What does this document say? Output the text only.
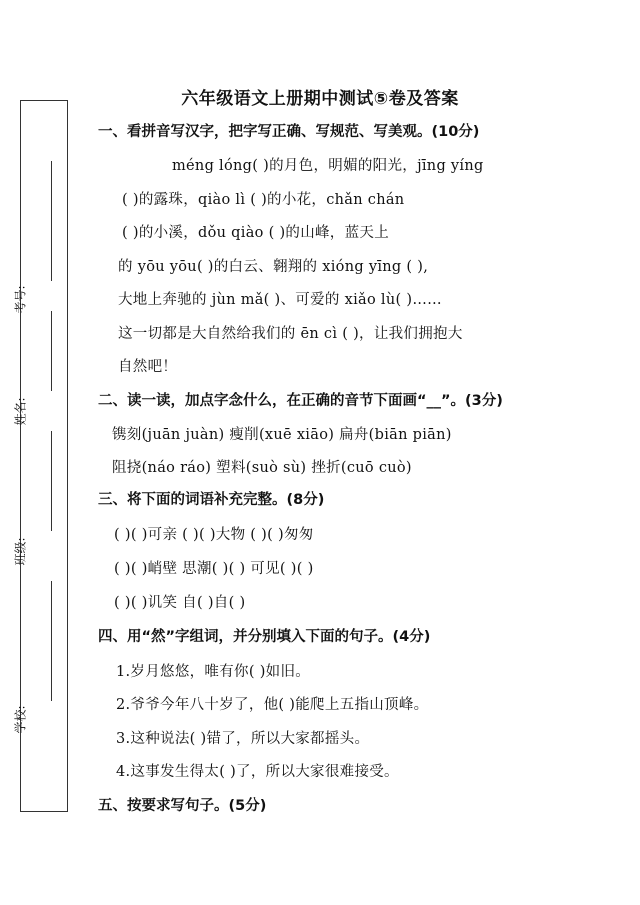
考号:
姓名:
班级:
学校:
六年级语文上册期中测试⑤卷及答案
一、看拼音写汉字，把字写正确、写规范、写美观。(10分)
méng lóng( )的月色，明媚的阳光，jīng yíng
( )的露珠，qiào lì ( )的小花，chǎn chán
( )的小溪，dǒu qiào ( )的山峰，蓝天上
的 yōu yōu( )的白云、翱翔的 xióng yīng ( ),
大地上奔驰的 jùn mǎ( )、可爱的 xiǎo lù( )……
这一切都是大自然给我们的 ēn cì ( )，让我们拥抱大
自然吧！
二、读一读，加点字念什么，在正确的音节下面画“__”。(3分)
镌刻(juān juàn) 瘦削(xuē xiāo) 扁舟(biān piān)
阻挠(náo ráo) 塑料(suò sù) 挫折(cuō cuò)
三、将下面的词语补充完整。(8分)
( )( )可亲 ( )( )大物 ( )( )匆匆
( )( )峭壁 思潮( )( ) 可见( )( )
( )( )讥笑 自( )自( )
四、用“然”字组词，并分别填入下面的句子。(4分)
1.岁月悠悠，唯有你( )如旧。
2.爷爷今年八十岁了，他( )能爬上五指山顶峰。
3.这种说法( )错了，所以大家都摇头。
4.这事发生得太( )了，所以大家很难接受。
五、按要求写句子。(5分)
